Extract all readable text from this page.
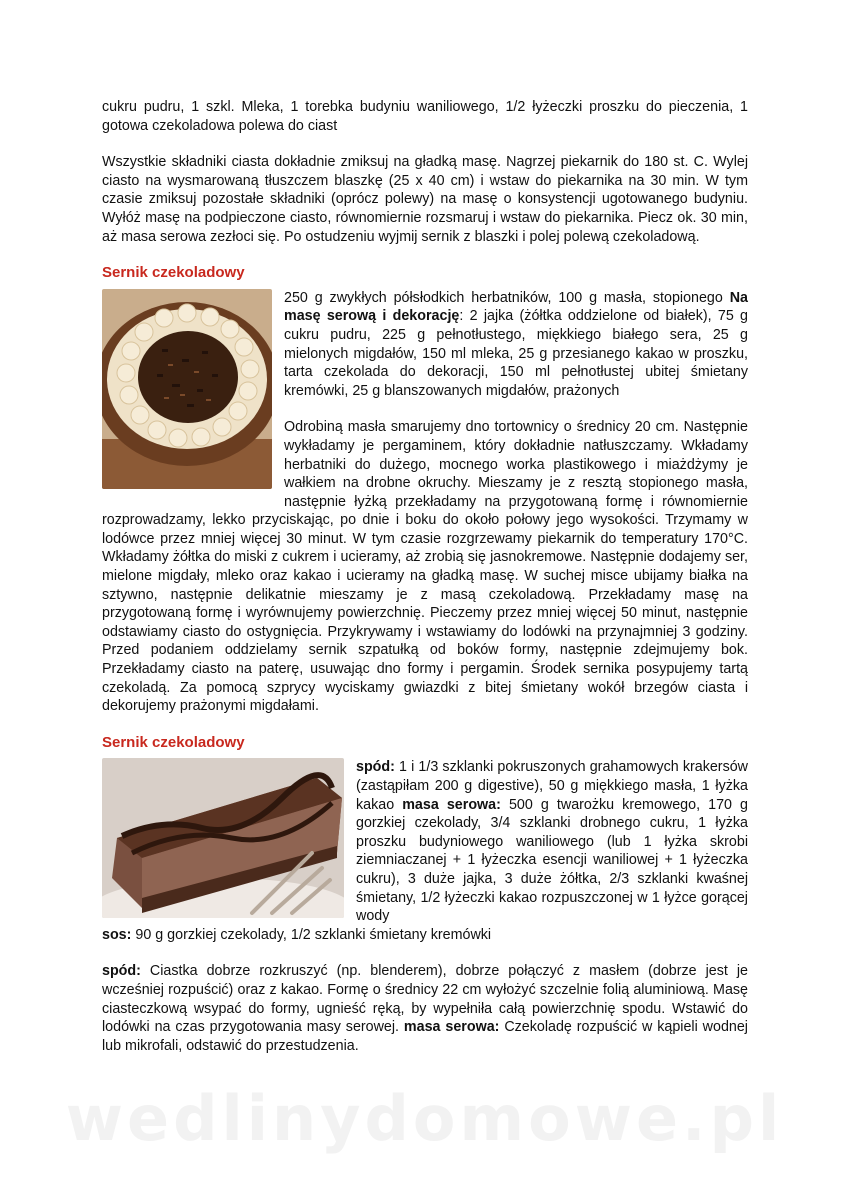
wedlinydomowe.pl

cukru pudru, 1 szkl. Mleka, 1 torebka budyniu waniliowego, 1/2 łyżeczki proszku do pieczenia, 1 gotowa czekoladowa polewa do ciast

Wszystkie składniki ciasta dokładnie zmiksuj na gładką masę. Nagrzej piekarnik do 180 st. C. Wylej ciasto na wysmarowaną tłuszczem blaszkę (25 x 40 cm) i wstaw do piekarnika na 30 min. W tym czasie zmiksuj pozostałe składniki (oprócz polewy) na masę o konsystencji ugotowanego budyniu. Wyłóż masę na podpieczone ciasto, równomiernie rozsmaruj i wstaw do piekarnika. Piecz ok. 30 min, aż masa serowa zezłoci się. Po ostudzeniu wyjmij sernik z blaszki i polej polewą czekoladową.

Sernik czekoladowy

250 g zwykłych półsłodkich herbatników, 100 g masła, stopionego Na masę serową i dekorację: 2 jajka (żółtka oddzielone od białek), 75 g cukru pudru, 225 g pełnotłustego, miękkiego białego sera, 25 g mielonych migdałów, 150 ml mleka, 25 g przesianego kakao w proszku, tarta czekolada do dekoracji, 150 ml pełnotłustej ubitej śmietany kremówki, 25 g blanszowanych migdałów, prażonych

Odrobiną masła smarujemy dno tortownicy o średnicy 20 cm. Następnie wykładamy je pergaminem, który dokładnie natłuszczamy. Wkładamy herbatniki do dużego, mocnego worka plastikowego i miażdżymy je wałkiem na drobne okruchy. Mieszamy je z resztą stopionego masła, następnie łyżką przekładamy na przygotowaną formę i równomiernie rozprowadzamy, lekko przyciskając, po dnie i boku do około połowy jego wysokości. Trzymamy w lodówce przez mniej więcej 30 minut. W tym czasie rozgrzewamy piekarnik do temperatury 170°C. Wkładamy żółtka do miski z cukrem i ucieramy, aż zrobią się jasnokremowe. Następnie dodajemy ser, mielone migdały, mleko oraz kakao i ucieramy na gładką masę. W suchej misce ubijamy białka na sztywno, następnie delikatnie mieszamy je z masą czekoladową. Przekładamy masę na przygotowaną formę i wyrównujemy powierzchnię. Pieczemy przez mniej więcej 50 minut, następnie odstawiamy ciasto do ostygnięcia. Przykrywamy i wstawiamy do lodówki na przynajmniej 3 godziny. Przed podaniem oddzielamy sernik szpatułką od boków formy, następnie zdejmujemy bok. Przekładamy ciasto na paterę, usuwając dno formy i pergamin. Środek sernika posypujemy tartą czekoladą. Za pomocą szprycy wyciskamy gwiazdki z bitej śmietany wokół brzegów ciasta i dekorujemy prażonymi migdałami.

Sernik czekoladowy

spód: 1 i 1/3 szklanki pokruszonych grahamowych krakersów (zastąpiłam 200 g digestive), 50 g miękkiego masła, 1 łyżka kakao masa serowa: 500 g twarożku kremowego, 170 g gorzkiej czekolady, 3/4 szklanki drobnego cukru, 1 łyżka proszku budyniowego waniliowego (lub 1 łyżka skrobi ziemniaczanej + 1 łyżeczka esencji waniliowej + 1 łyżeczka cukru), 3 duże jajka, 3 duże żółtka, 2/3 szklanki kwaśnej śmietany, 1/2 łyżeczki kakao rozpuszczonej w 1 łyżce gorącej wody

sos: 90 g gorzkiej czekolady, 1/2 szklanki śmietany kremówki

spód: Ciastka dobrze rozkruszyć (np. blenderem), dobrze połączyć z masłem (dobrze jest je wcześniej rozpuścić) oraz z kakao. Formę o średnicy 22 cm wyłożyć szczelnie folią aluminiową. Masę ciasteczkową wsypać do formy, ugnieść ręką, by wypełniła całą powierzchnię spodu. Wstawić do lodówki na czas przygotowania masy serowej. masa serowa: Czekoladę rozpuścić w kąpieli wodnej lub mikrofali, odstawić do przestudzenia.
